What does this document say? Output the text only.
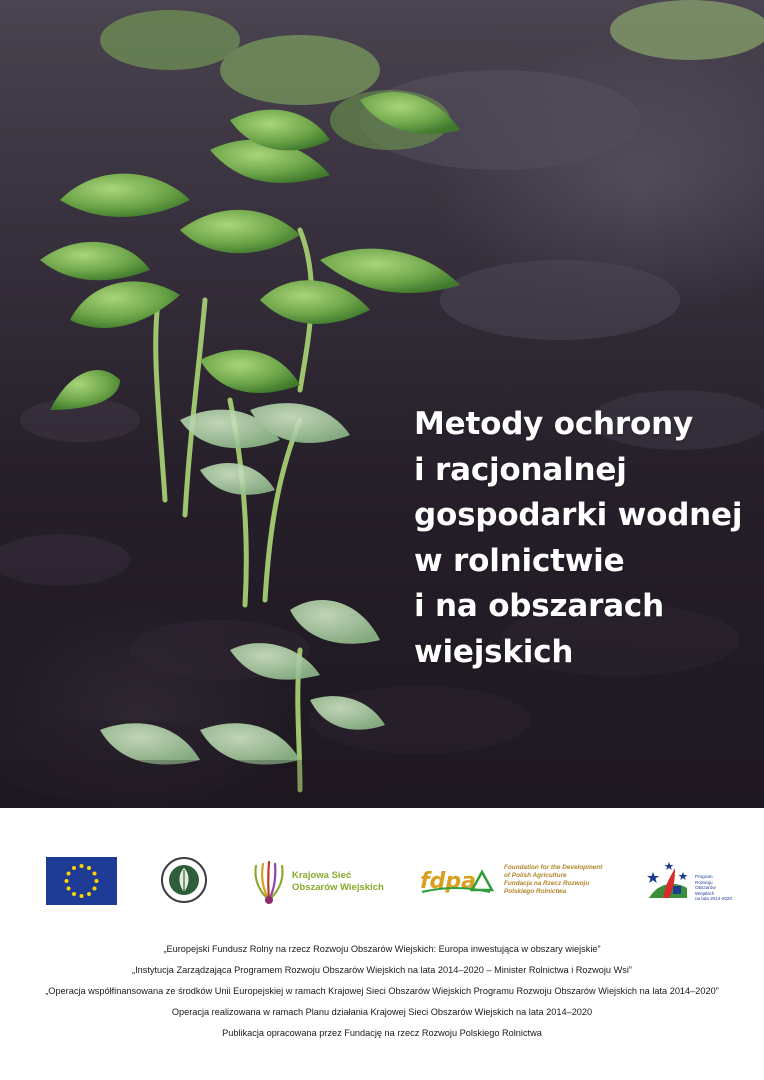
Metody ochrony
i racjonalnej
gospodarki wodnej
w rolnictwie
i na obszarach
wiejskich
Krajowa Sieć
Obszarów Wiejskich fdpa
Foundation for the Development
of Polish Agriculture
Fundacja na Rzecz Rozwoju
Polskiego Rolnictwa
Program
Rozwoju
Obszarów
Wiejskich
na lata 2014-2020

„Europejski Fundusz Rolny na rzecz Rozwoju Obszarów Wiejskich: Europa inwestująca w obszary wiejskie”

„Instytucja Zarządzająca Programem Rozwoju Obszarów Wiejskich na lata 2014–2020 – Minister Rolnictwa i Rozwoju Wsi”

„Operacja współfinansowana ze środków Unii Europejskiej w ramach Krajowej Sieci Obszarów Wiejskich Programu Rozwoju Obszarów Wiejskich na lata 2014–2020”

Operacja realizowana w ramach Planu działania Krajowej Sieci Obszarów Wiejskich na lata 2014–2020

Publikacja opracowana przez Fundację na rzecz Rozwoju Polskiego Rolnictwa
